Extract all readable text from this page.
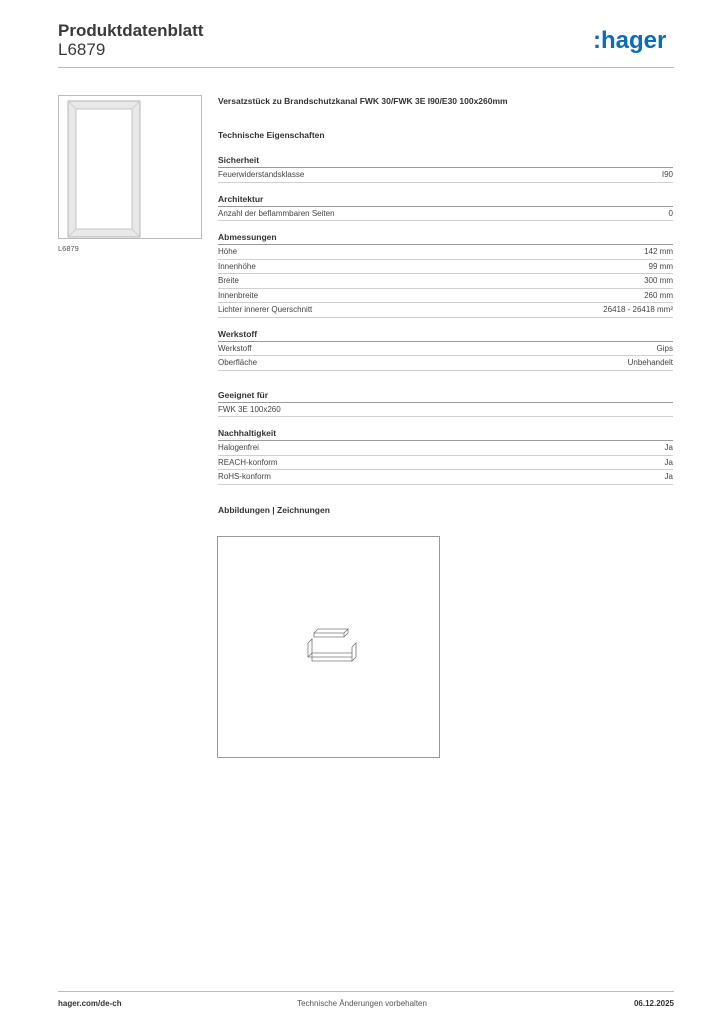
Produktdatenblatt
L6879	:hager
L6879
Versatzstück zu Brandschutzkanal FWK 30/FWK 3E I90/E30 100x260mm
Technische Eigenschaften
Sicherheit
Feuerwiderstandsklasse	I90
Architektur
Anzahl der beflammbaren Seiten	0
Abmessungen
Höhe	142 mm
Innenhöhe	99 mm
Breite	300 mm
Innenbreite	260 mm
Lichter innerer Querschnitt	26418 - 26418 mm²
Werkstoff
Werkstoff	Gips
Oberfläche	Unbehandelt
Geeignet für
FWK 3E 100x260
Nachhaltigkeit
Halogenfrei	Ja
REACH-konform	Ja
RoHS-konform	Ja
Abbildungen | Zeichnungen
hager.com/de-ch	Technische Änderungen vorbehalten	06.12.2025
